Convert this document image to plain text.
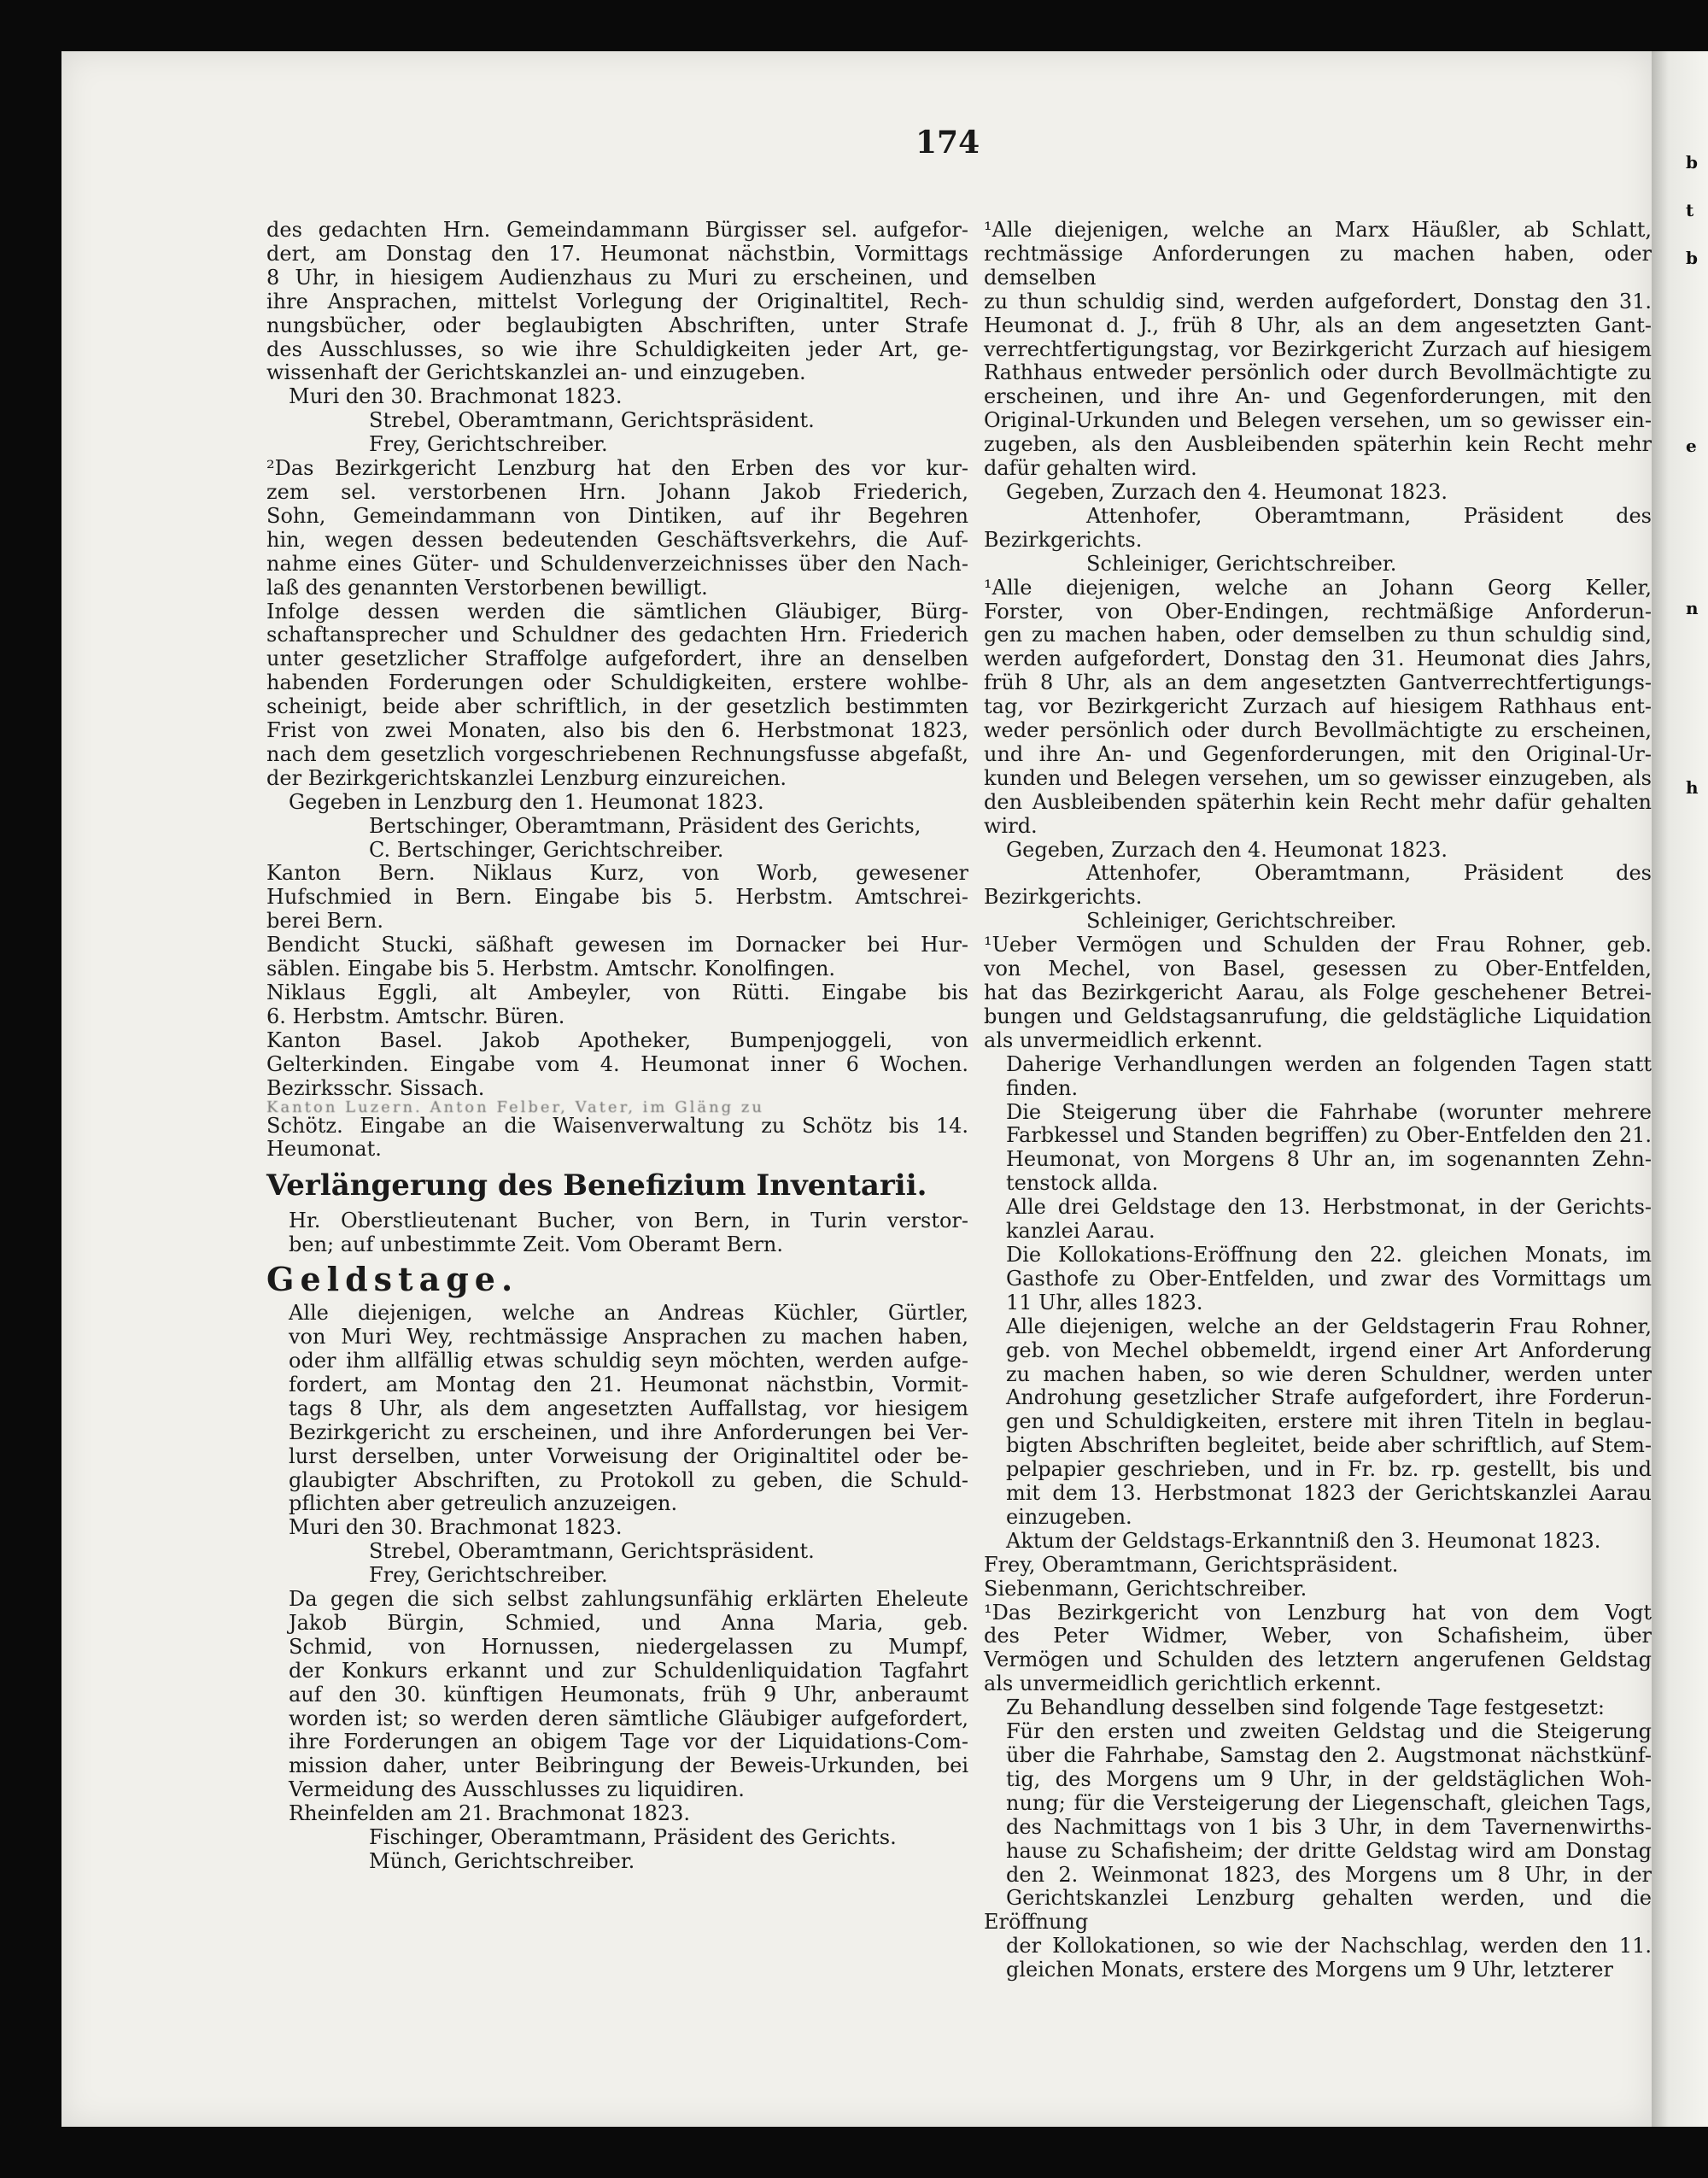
174

des gedachten Hrn. Gemeindammann Bürgisser sel. aufgefor-
dert, am Donstag den 17. Heumonat nächstbin, Vormittags
8 Uhr, in hiesigem Audienzhaus zu Muri zu erscheinen, und
ihre Ansprachen, mittelst Vorlegung der Originaltitel, Rech-
nungsbücher, oder beglaubigten Abschriften, unter Strafe
des Ausschlusses, so wie ihre Schuldigkeiten jeder Art, ge-
wissenhaft der Gerichtskanzlei an- und einzugeben.

Muri den 30. Brachmonat 1823.

Strebel, Oberamtmann, Gerichtspräsident.
Frey, Gerichtschreiber.

²Das Bezirkgericht Lenzburg hat den Erben des vor kur-
zem sel. verstorbenen Hrn. Johann Jakob Friederich,
Sohn, Gemeindammann von Dintiken, auf ihr Begehren
hin, wegen dessen bedeutenden Geschäftsverkehrs, die Auf-
nahme eines Güter- und Schuldenverzeichnisses über den Nach-
laß des genannten Verstorbenen bewilligt.

Infolge dessen werden die sämtlichen Gläubiger, Bürg-
schaftansprecher und Schuldner des gedachten Hrn. Friederich
unter gesetzlicher Straffolge aufgefordert, ihre an denselben
habenden Forderungen oder Schuldigkeiten, erstere wohlbe-
scheinigt, beide aber schriftlich, in der gesetzlich bestimmten
Frist von zwei Monaten, also bis den 6. Herbstmonat 1823,
nach dem gesetzlich vorgeschriebenen Rechnungsfusse abgefaßt,
der Bezirkgerichtskanzlei Lenzburg einzureichen.

Gegeben in Lenzburg den 1. Heumonat 1823.

Bertschinger, Oberamtmann, Präsident des Gerichts,
C. Bertschinger, Gerichtschreiber.

Kanton Bern. Niklaus Kurz, von Worb, gewesener
Hufschmied in Bern. Eingabe bis 5. Herbstm. Amtschrei-
berei Bern.

Bendicht Stucki, säßhaft gewesen im Dornacker bei Hur-
säblen. Eingabe bis 5. Herbstm. Amtschr. Konolfingen.

Niklaus Eggli, alt Ambeyler, von Rütti. Eingabe bis
6. Herbstm. Amtschr. Büren.

Kanton Basel. Jakob Apotheker, Bumpenjoggeli, von
Gelterkinden. Eingabe vom 4. Heumonat inner 6 Wochen.
Bezirksschr. Sissach.

Kanton Luzern. Anton Felber, Vater, im Gläng zu

Schötz. Eingabe an die Waisenverwaltung zu Schötz bis 14.
Heumonat.

Verlängerung des Benefizium Inventarii.

Hr. Oberstlieutenant Bucher, von Bern, in Turin verstor-
ben; auf unbestimmte Zeit. Vom Oberamt Bern.

Geldstage.

Alle diejenigen, welche an Andreas Küchler, Gürtler,
von Muri Wey, rechtmässige Ansprachen zu machen haben,
oder ihm allfällig etwas schuldig seyn möchten, werden aufge-
fordert, am Montag den 21. Heumonat nächstbin, Vormit-
tags 8 Uhr, als dem angesetzten Auffallstag, vor hiesigem
Bezirkgericht zu erscheinen, und ihre Anforderungen bei Ver-
lurst derselben, unter Vorweisung der Originaltitel oder be-
glaubigter Abschriften, zu Protokoll zu geben, die Schuld-
pflichten aber getreulich anzuzeigen.

Muri den 30. Brachmonat 1823.

Strebel, Oberamtmann, Gerichtspräsident.
Frey, Gerichtschreiber.

Da gegen die sich selbst zahlungsunfähig erklärten Eheleute
Jakob Bürgin, Schmied, und Anna Maria, geb.
Schmid, von Hornussen, niedergelassen zu Mumpf,
der Konkurs erkannt und zur Schuldenliquidation Tagfahrt
auf den 30. künftigen Heumonats, früh 9 Uhr, anberaumt
worden ist; so werden deren sämtliche Gläubiger aufgefordert,
ihre Forderungen an obigem Tage vor der Liquidations-Com-
mission daher, unter Beibringung der Beweis-Urkunden, bei
Vermeidung des Ausschlusses zu liquidiren.

Rheinfelden am 21. Brachmonat 1823.

Fischinger, Oberamtmann, Präsident des Gerichts.
Münch, Gerichtschreiber.

¹Alle diejenigen, welche an Marx Häußler, ab Schlatt,
rechtmässige Anforderungen zu machen haben, oder demselben
zu thun schuldig sind, werden aufgefordert, Donstag den 31.
Heumonat d. J., früh 8 Uhr, als an dem angesetzten Gant-
verrechtfertigungstag, vor Bezirkgericht Zurzach auf hiesigem
Rathhaus entweder persönlich oder durch Bevollmächtigte zu
erscheinen, und ihre An- und Gegenforderungen, mit den
Original-Urkunden und Belegen versehen, um so gewisser ein-
zugeben, als den Ausbleibenden späterhin kein Recht mehr
dafür gehalten wird.

Gegeben, Zurzach den 4. Heumonat 1823.

Attenhofer, Oberamtmann, Präsident des Bezirkgerichts.
Schleiniger, Gerichtschreiber.

¹Alle diejenigen, welche an Johann Georg Keller,
Forster, von Ober-Endingen, rechtmäßige Anforderun-
gen zu machen haben, oder demselben zu thun schuldig sind,
werden aufgefordert, Donstag den 31. Heumonat dies Jahrs,
früh 8 Uhr, als an dem angesetzten Gantverrechtfertigungs-
tag, vor Bezirkgericht Zurzach auf hiesigem Rathhaus ent-
weder persönlich oder durch Bevollmächtigte zu erscheinen,
und ihre An- und Gegenforderungen, mit den Original-Ur-
kunden und Belegen versehen, um so gewisser einzugeben, als
den Ausbleibenden späterhin kein Recht mehr dafür gehalten
wird.

Gegeben, Zurzach den 4. Heumonat 1823.

Attenhofer, Oberamtmann, Präsident des Bezirkgerichts.
Schleiniger, Gerichtschreiber.

¹Ueber Vermögen und Schulden der Frau Rohner, geb.
von Mechel, von Basel, gesessen zu Ober-Entfelden,
hat das Bezirkgericht Aarau, als Folge geschehener Betrei-
bungen und Geldstagsanrufung, die geldstägliche Liquidation
als unvermeidlich erkennt.

Daherige Verhandlungen werden an folgenden Tagen statt
finden.

Die Steigerung über die Fahrhabe (worunter mehrere
Farbkessel und Standen begriffen) zu Ober-Entfelden den 21.
Heumonat, von Morgens 8 Uhr an, im sogenannten Zehn-
tenstock allda.

Alle drei Geldstage den 13. Herbstmonat, in der Gerichts-
kanzlei Aarau.

Die Kollokations-Eröffnung den 22. gleichen Monats, im
Gasthofe zu Ober-Entfelden, und zwar des Vormittags um
11 Uhr, alles 1823.

Alle diejenigen, welche an der Geldstagerin Frau Rohner,
geb. von Mechel obbemeldt, irgend einer Art Anforderung
zu machen haben, so wie deren Schuldner, werden unter
Androhung gesetzlicher Strafe aufgefordert, ihre Forderun-
gen und Schuldigkeiten, erstere mit ihren Titeln in beglau-
bigten Abschriften begleitet, beide aber schriftlich, auf Stem-
pelpapier geschrieben, und in Fr. bz. rp. gestellt, bis und
mit dem 13. Herbstmonat 1823 der Gerichtskanzlei Aarau
einzugeben.

Aktum der Geldstags-Erkanntniß den 3. Heumonat 1823.

Frey, Oberamtmann, Gerichtspräsident.
Siebenmann, Gerichtschreiber.

¹Das Bezirkgericht von Lenzburg hat von dem Vogt
des Peter Widmer, Weber, von Schafisheim, über
Vermögen und Schulden des letztern angerufenen Geldstag
als unvermeidlich gerichtlich erkennt.

Zu Behandlung desselben sind folgende Tage festgesetzt:

Für den ersten und zweiten Geldstag und die Steigerung
über die Fahrhabe, Samstag den 2. Augstmonat nächstkünf-
tig, des Morgens um 9 Uhr, in der geldstäglichen Woh-
nung; für die Versteigerung der Liegenschaft, gleichen Tags,
des Nachmittags von 1 bis 3 Uhr, in dem Tavernenwirths-
hause zu Schafisheim; der dritte Geldstag wird am Donstag
den 2. Weinmonat 1823, des Morgens um 8 Uhr, in der
Gerichtskanzlei Lenzburg gehalten werden, und die Eröffnung
der Kollokationen, so wie der Nachschlag, werden den 11.
gleichen Monats, erstere des Morgens um 9 Uhr, letzterer

b
t
b
e
n
h
